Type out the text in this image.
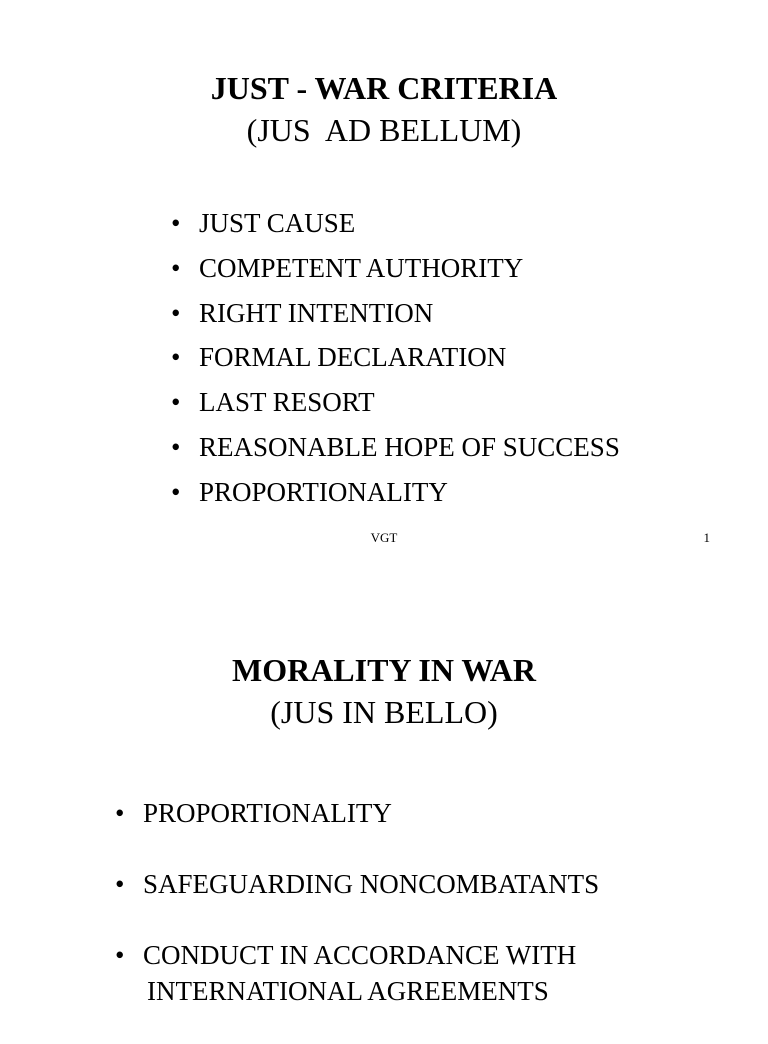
JUST - WAR CRITERIA

(JUS  AD BELLUM)

• JUST CAUSE
• COMPETENT AUTHORITY
• RIGHT INTENTION
• FORMAL DECLARATION
• LAST RESORT
• REASONABLE HOPE OF SUCCESS
• PROPORTIONALITY
VGT	1
MORALITY IN WAR

(JUS IN BELLO)

• PROPORTIONALITY
• SAFEGUARDING NONCOMBATANTS
• CONDUCT IN ACCORDANCE WITH
INTERNATIONAL AGREEMENTS
